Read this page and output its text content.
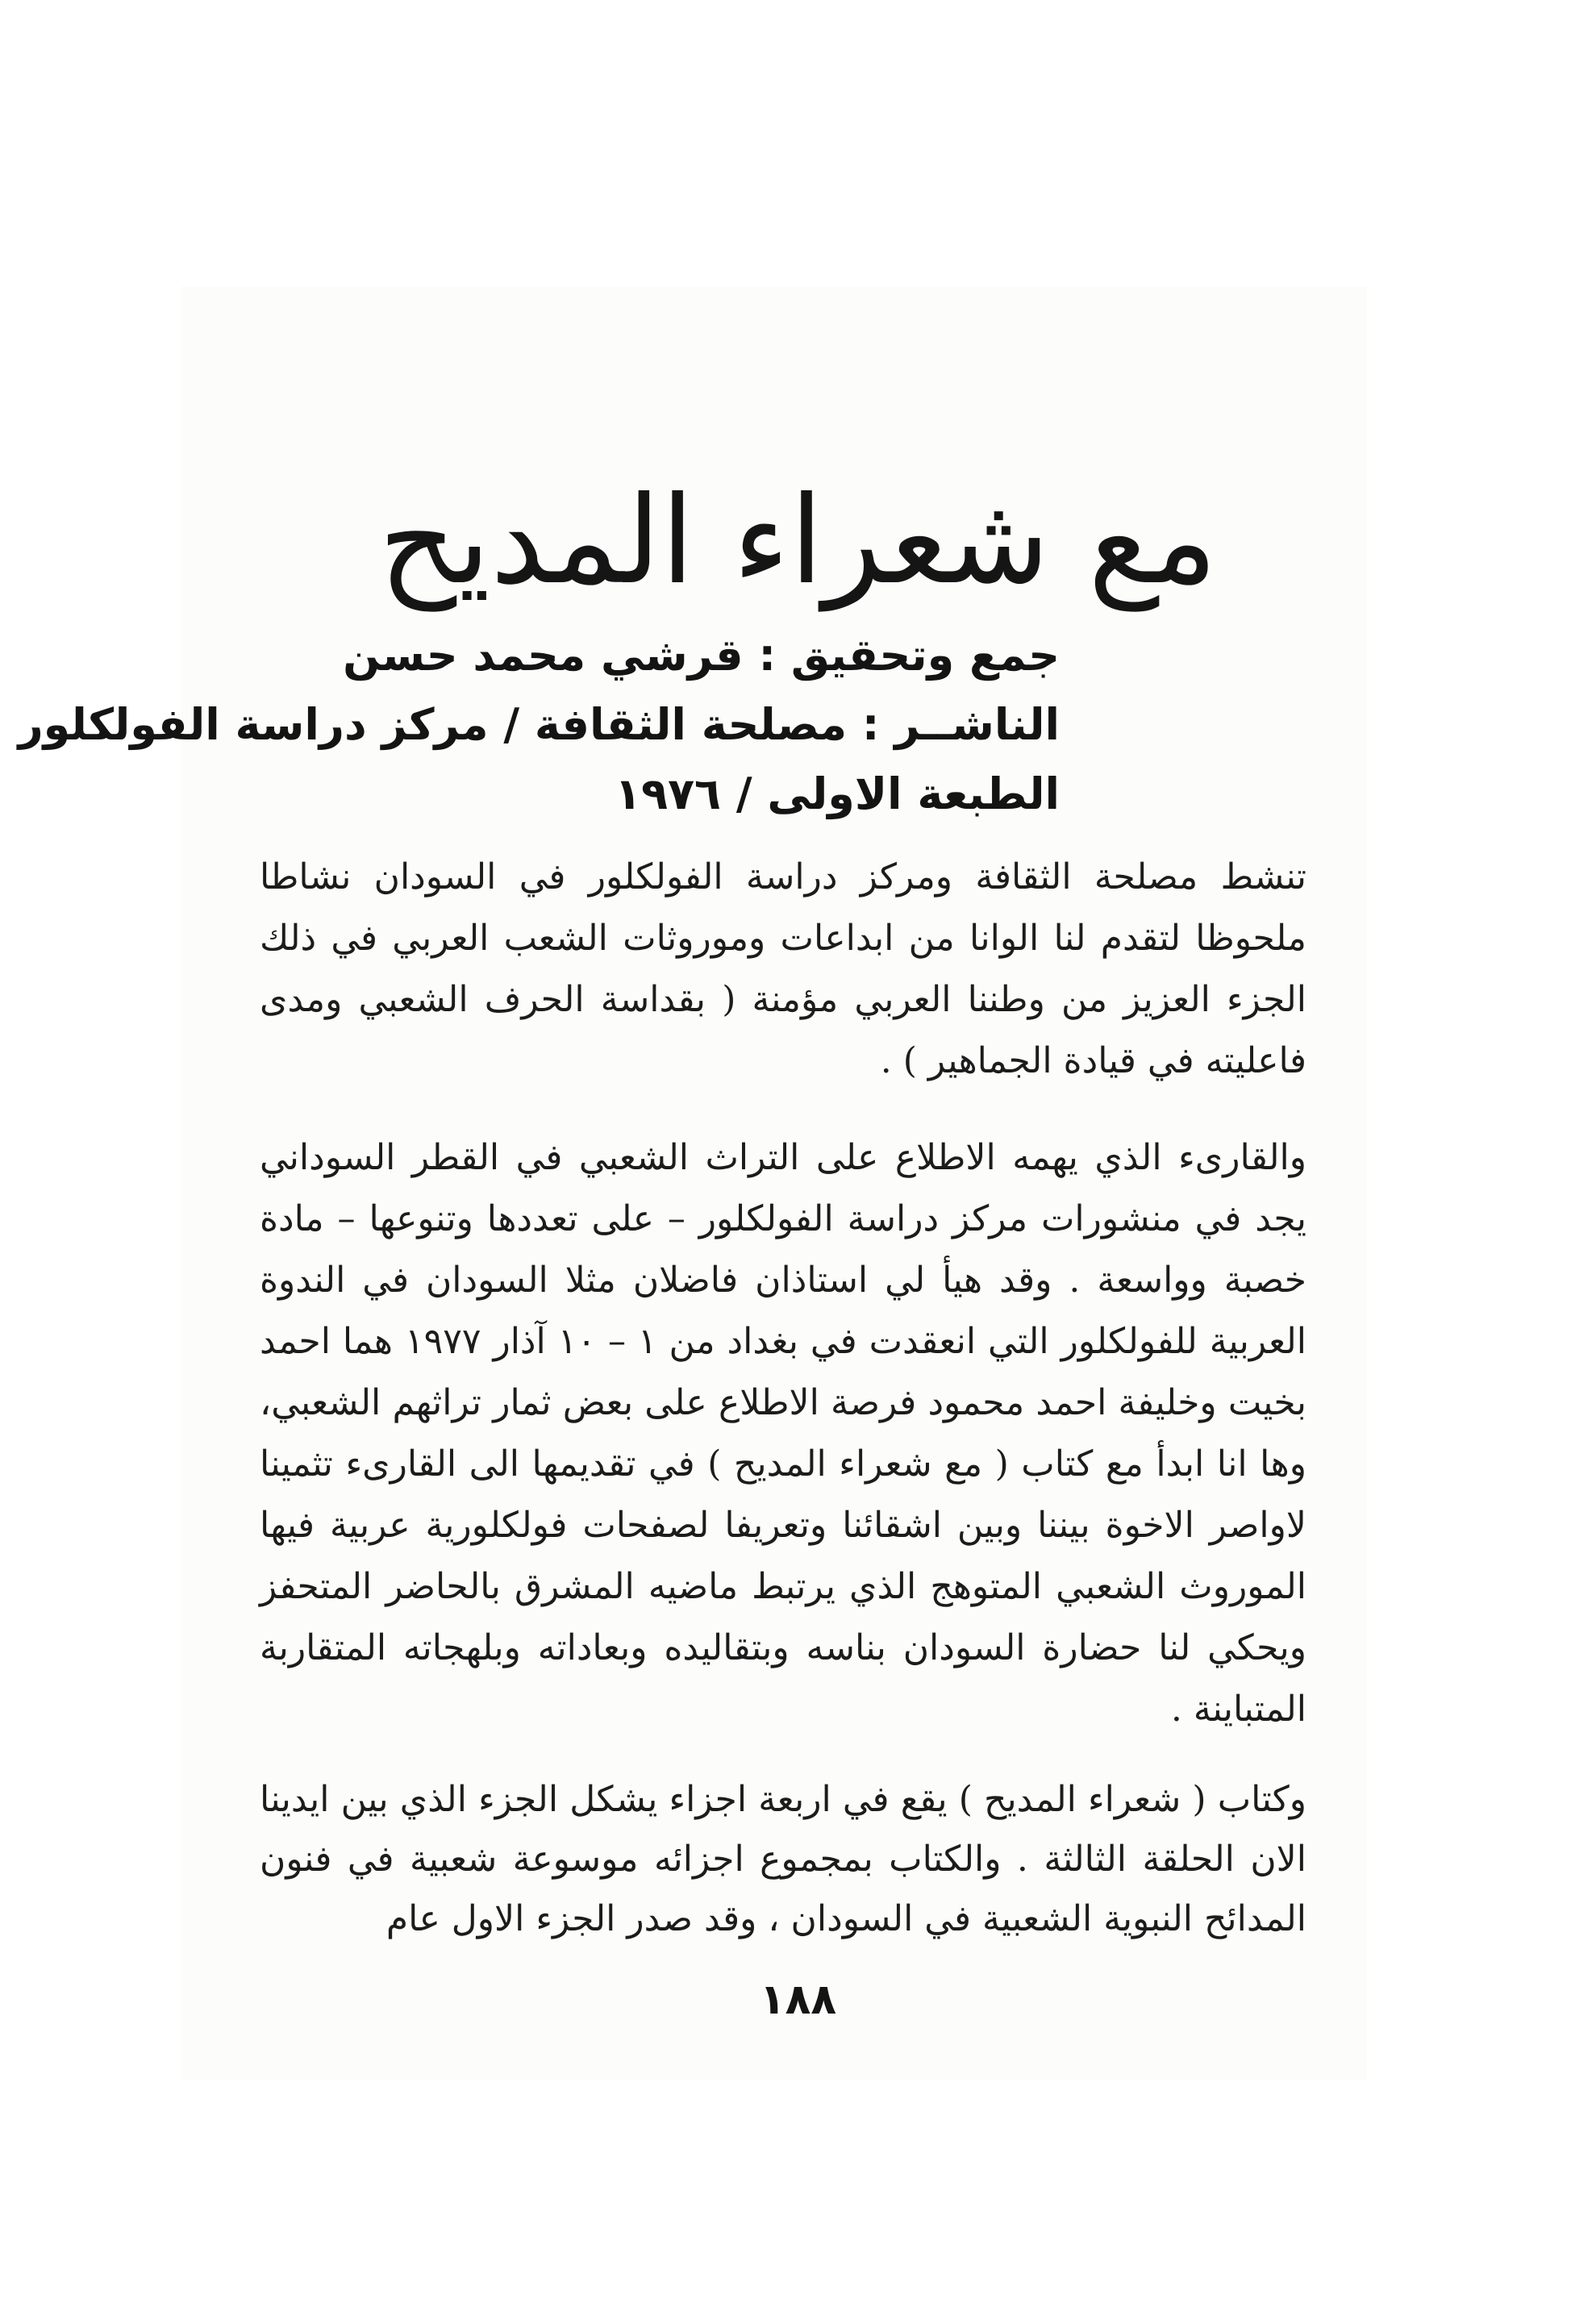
مع شعراء المديح
جمع وتحقيق : قرشي محمد حسن
الناشــر : مصلحة الثقافة / مركز دراسة الفولكلور
الطبعة الاولى / ١٩٧٦

تنشط مصلحة الثقافة ومركز دراسة الفولكلور في السودان نشاطا ملحوظا لتقدم لنا الوانا من ابداعات وموروثات الشعب العربي في ذلك الجزء العزيز من وطننا العربي مؤمنة ( بقداسة الحرف الشعبي ومدى فاعليته في قيادة الجماهير ) .

والقارىء الذي يهمه الاطلاع على التراث الشعبي في القطر السوداني يجد في منشورات مركز دراسة الفولكلور – على تعددها وتنوعها – مادة خصبة وواسعة . وقد هيأ لي استاذان فاضلان مثلا السودان في الندوة العربية للفولكلور التي انعقدت في بغداد من ١ – ١٠ آذار ١٩٧٧ هما احمد بخيت وخليفة احمد محمود فرصة الاطلاع على بعض ثمار تراثهم الشعبي، وها انا ابدأ مع كتاب ( مع شعراء المديح ) في تقديمها الى القارىء تثمينا لاواصر الاخوة بيننا وبين اشقائنا وتعريفا لصفحات فولكلورية عربية فيها الموروث الشعبي المتوهج الذي يرتبط ماضيه المشرق بالحاضر المتحفز ويحكي لنا حضارة السودان بناسه وبتقاليده وبعاداته وبلهجاته المتقاربة المتباينة .

وكتاب ( شعراء المديح ) يقع في اربعة اجزاء يشكل الجزء الذي بين ايدينا الان الحلقة الثالثة . والكتاب بمجموع اجزائه موسوعة شعبية في فنون المدائح النبوية الشعبية في السودان ، وقد صدر الجزء الاول عام

١٨٨
